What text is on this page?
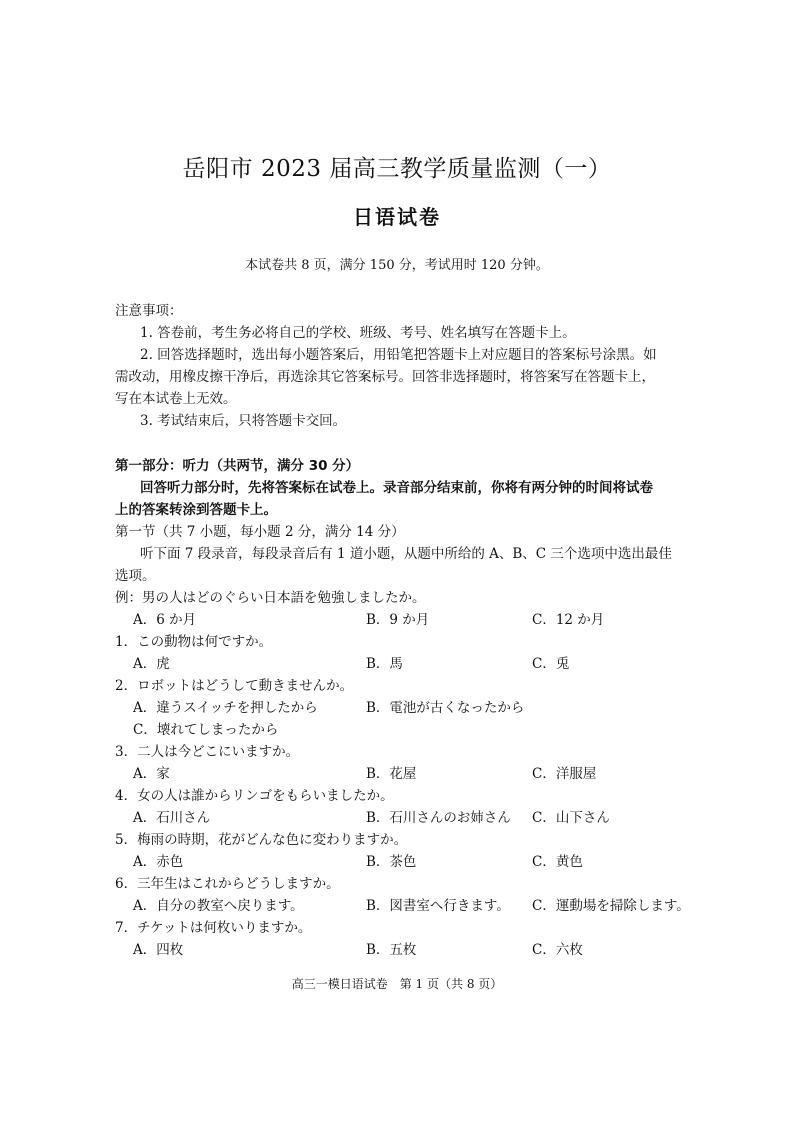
岳阳市 2023 届高三教学质量监测（一）
日语试卷
本试卷共 8 页，满分 150 分，考试用时 120 分钟。
注意事项：
1. 答卷前，考生务必将自己的学校、班级、考号、姓名填写在答题卡上。
2. 回答选择题时，选出每小题答案后，用铅笔把答题卡上对应题目的答案标号涂黑。如
需改动，用橡皮擦干净后，再选涂其它答案标号。回答非选择题时，将答案写在答题卡上，
写在本试卷上无效。
3. 考试结束后，只将答题卡交回。
第一部分：听力（共两节，满分 30 分）
回答听力部分时，先将答案标在试卷上。录音部分结束前，你将有两分钟的时间将试卷
上的答案转涂到答题卡上。
第一节（共 7 小题，每小题 2 分，满分 14 分）
听下面 7 段录音，每段录音后有 1 道小题，从题中所给的 A、B、C 三个选项中选出最佳
选项。
例：男の人はどのぐらい日本語を勉強しましたか。
A．6 か月	B．9 か月	C．12 か月
1．この動物は何ですか。
A．虎	B．馬	C．兎
2．ロボットはどうして動きませんか。
A．違うスイッチを押したから	B．電池が古くなったから
C．壊れてしまったから
3．二人は今どこにいますか。
A．家	B．花屋	C．洋服屋
4．女の人は誰からリンゴをもらいましたか。
A．石川さん	B．石川さんのお姉さん C．山下さん
5．梅雨の時期，花がどんな色に変わりますか。
A．赤色	B．茶色	C．黄色
6．三年生はこれからどうしますか。
A．自分の教室へ戻ります。	B．図書室へ行きます。 C．運動場を掃除します。
7．チケットは何枚いりますか。
A．四枚	B．五枚	C．六枚
高三一模日语试卷　第 1 页（共 8 页）
